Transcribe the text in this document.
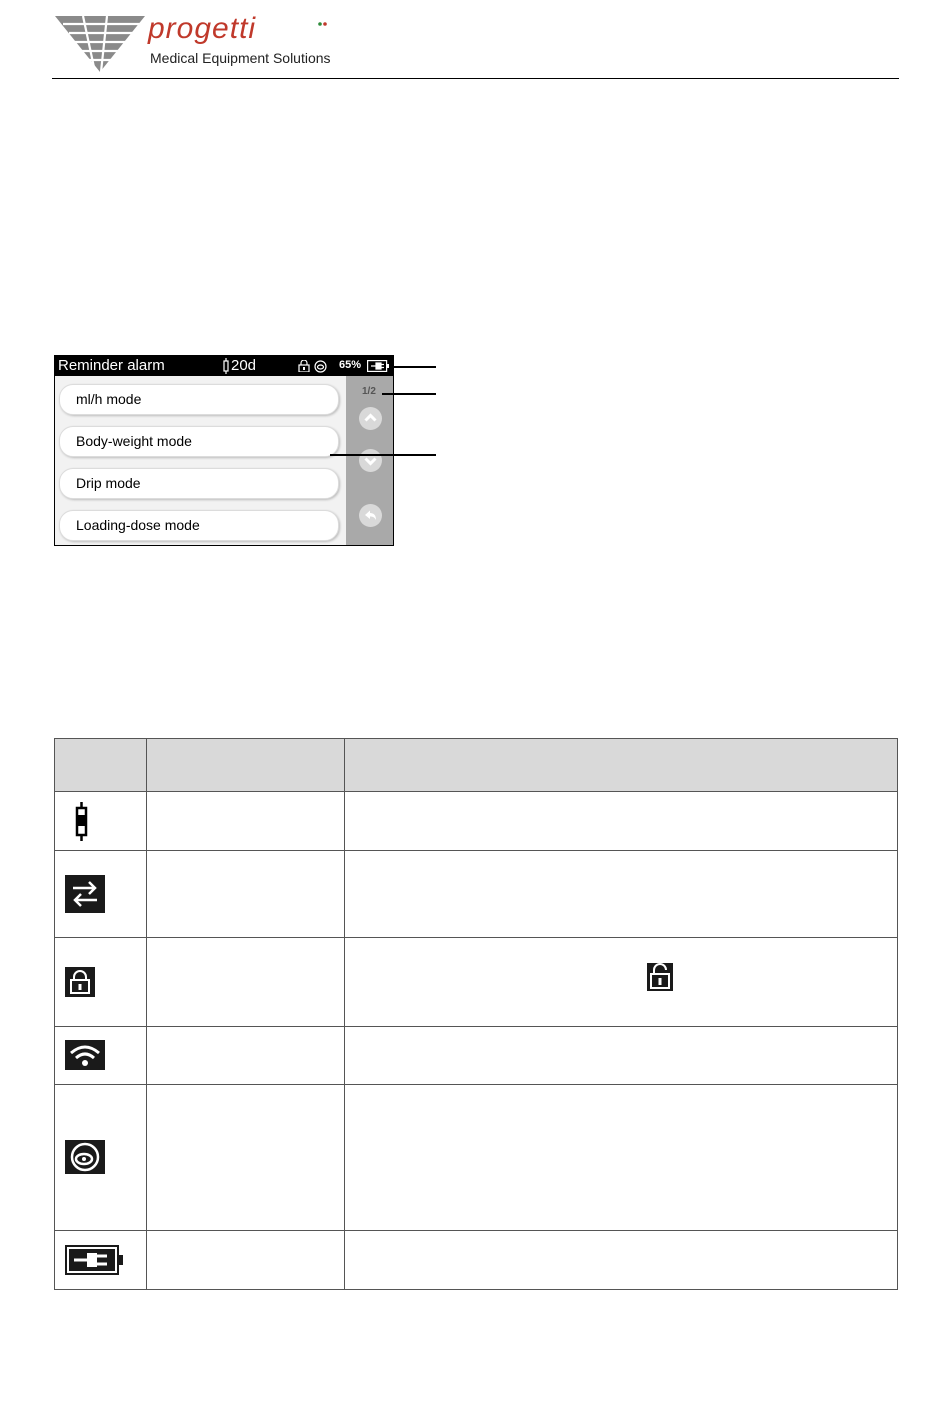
progetti
Medical Equipment Solutions
Reminder alarm	20d	65%
ml/h mode
Body-weight mode
Drip mode
Loading-dose mode
1/2
